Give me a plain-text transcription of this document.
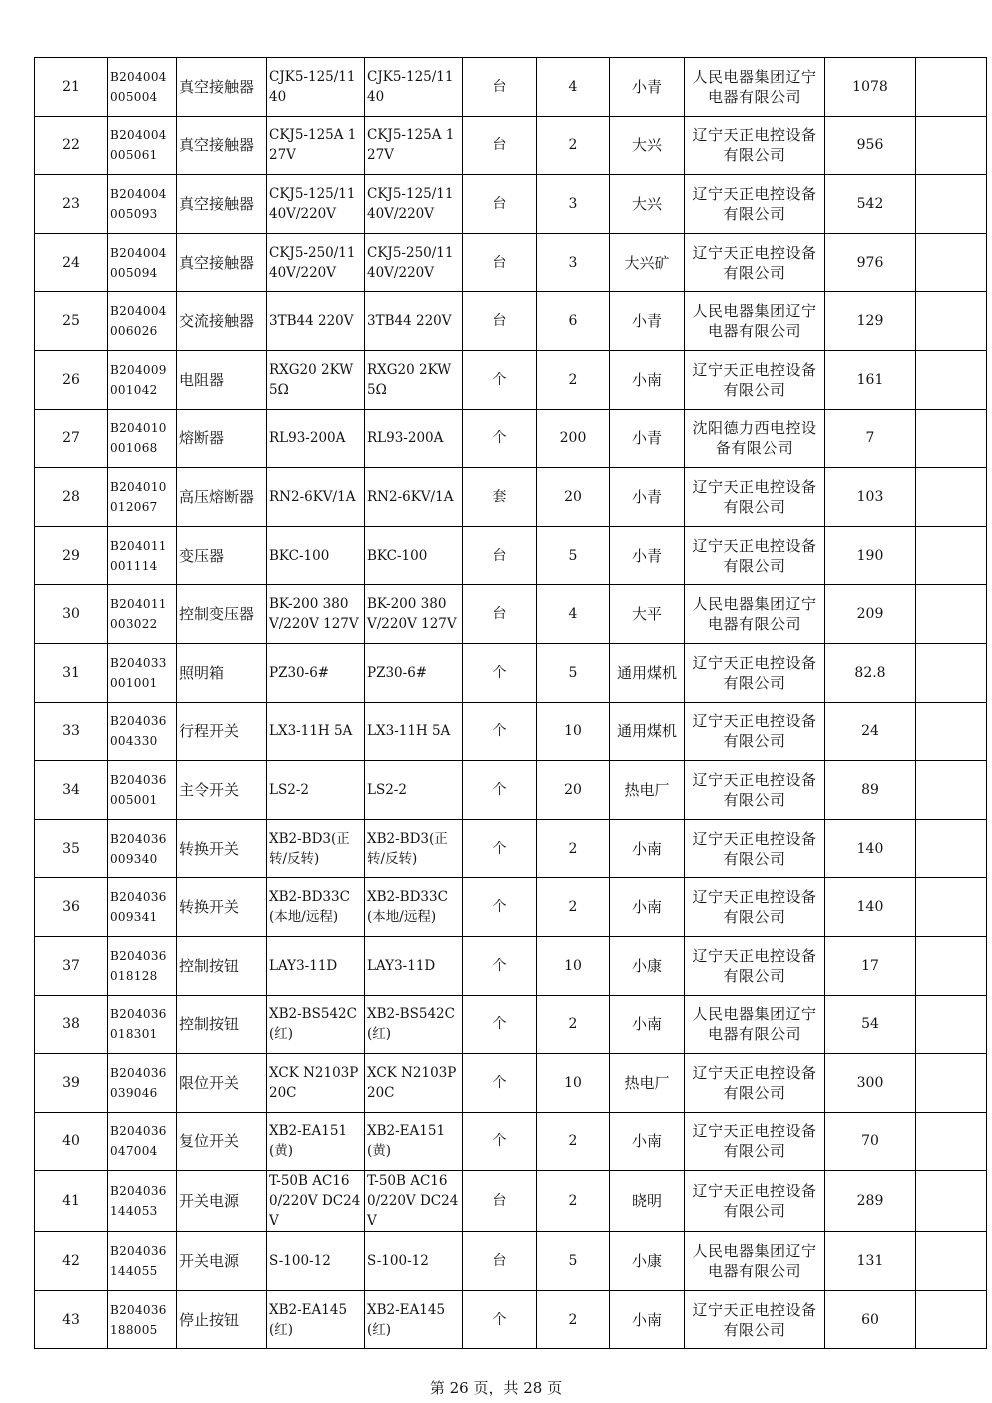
21	B204004005004	真空接触器	CJK5-125/1140	CJK5-125/1140	台	4	小青	人民电器集团辽宁电器有限公司	1078	
22	B204004005061	真空接触器	CKJ5-125A 127V	CKJ5-125A 127V	台	2	大兴	辽宁天正电控设备有限公司	956	
23	B204004005093	真空接触器	CKJ5-125/1140V/220V	CKJ5-125/1140V/220V	台	3	大兴	辽宁天正电控设备有限公司	542	
24	B204004005094	真空接触器	CKJ5-250/1140V/220V	CKJ5-250/1140V/220V	台	3	大兴矿	辽宁天正电控设备有限公司	976	
25	B204004006026	交流接触器	3TB44 220V	3TB44 220V	台	6	小青	人民电器集团辽宁电器有限公司	129	
26	B204009001042	电阻器	RXG20 2KW 5Ω	RXG20 2KW 5Ω	个	2	小南	辽宁天正电控设备有限公司	161	
27	B204010001068	熔断器	RL93-200A	RL93-200A	个	200	小青	沈阳德力西电控设备有限公司	7	
28	B204010012067	高压熔断器	RN2-6KV/1A	RN2-6KV/1A	套	20	小青	辽宁天正电控设备有限公司	103	
29	B204011001114	变压器	BKC-100	BKC-100	台	5	小青	辽宁天正电控设备有限公司	190	
30	B204011003022	控制变压器	BK-200 380V/220V 127V	BK-200 380V/220V 127V	台	4	大平	人民电器集团辽宁电器有限公司	209	
31	B204033001001	照明箱	PZ30-6#	PZ30-6#	个	5	通用煤机	辽宁天正电控设备有限公司	82.8	
33	B204036004330	行程开关	LX3-11H 5A	LX3-11H 5A	个	10	通用煤机	辽宁天正电控设备有限公司	24	
34	B204036005001	主令开关	LS2-2	LS2-2	个	20	热电厂	辽宁天正电控设备有限公司	89	
35	B204036009340	转换开关	XB2-BD3(正转/反转)	XB2-BD3(正转/反转)	个	2	小南	辽宁天正电控设备有限公司	140	
36	B204036009341	转换开关	XB2-BD33C(本地/远程)	XB2-BD33C(本地/远程)	个	2	小南	辽宁天正电控设备有限公司	140	
37	B204036018128	控制按钮	LAY3-11D	LAY3-11D	个	10	小康	辽宁天正电控设备有限公司	17	
38	B204036018301	控制按钮	XB2-BS542C(红)	XB2-BS542C(红)	个	2	小南	人民电器集团辽宁电器有限公司	54	
39	B204036039046	限位开关	XCK N2103P20C	XCK N2103P20C	个	10	热电厂	辽宁天正电控设备有限公司	300	
40	B204036047004	复位开关	XB2-EA151(黄)	XB2-EA151(黄)	个	2	小南	辽宁天正电控设备有限公司	70	
41	B204036144053	开关电源	T-50B AC160/220V DC24V	T-50B AC160/220V DC24V	台	2	晓明	辽宁天正电控设备有限公司	289	
42	B204036144055	开关电源	S-100-12	S-100-12	台	5	小康	人民电器集团辽宁电器有限公司	131	
43	B204036188005	停止按钮	XB2-EA145(红)	XB2-EA145(红)	个	2	小南	辽宁天正电控设备有限公司	60	
第 26 页，共 28 页
